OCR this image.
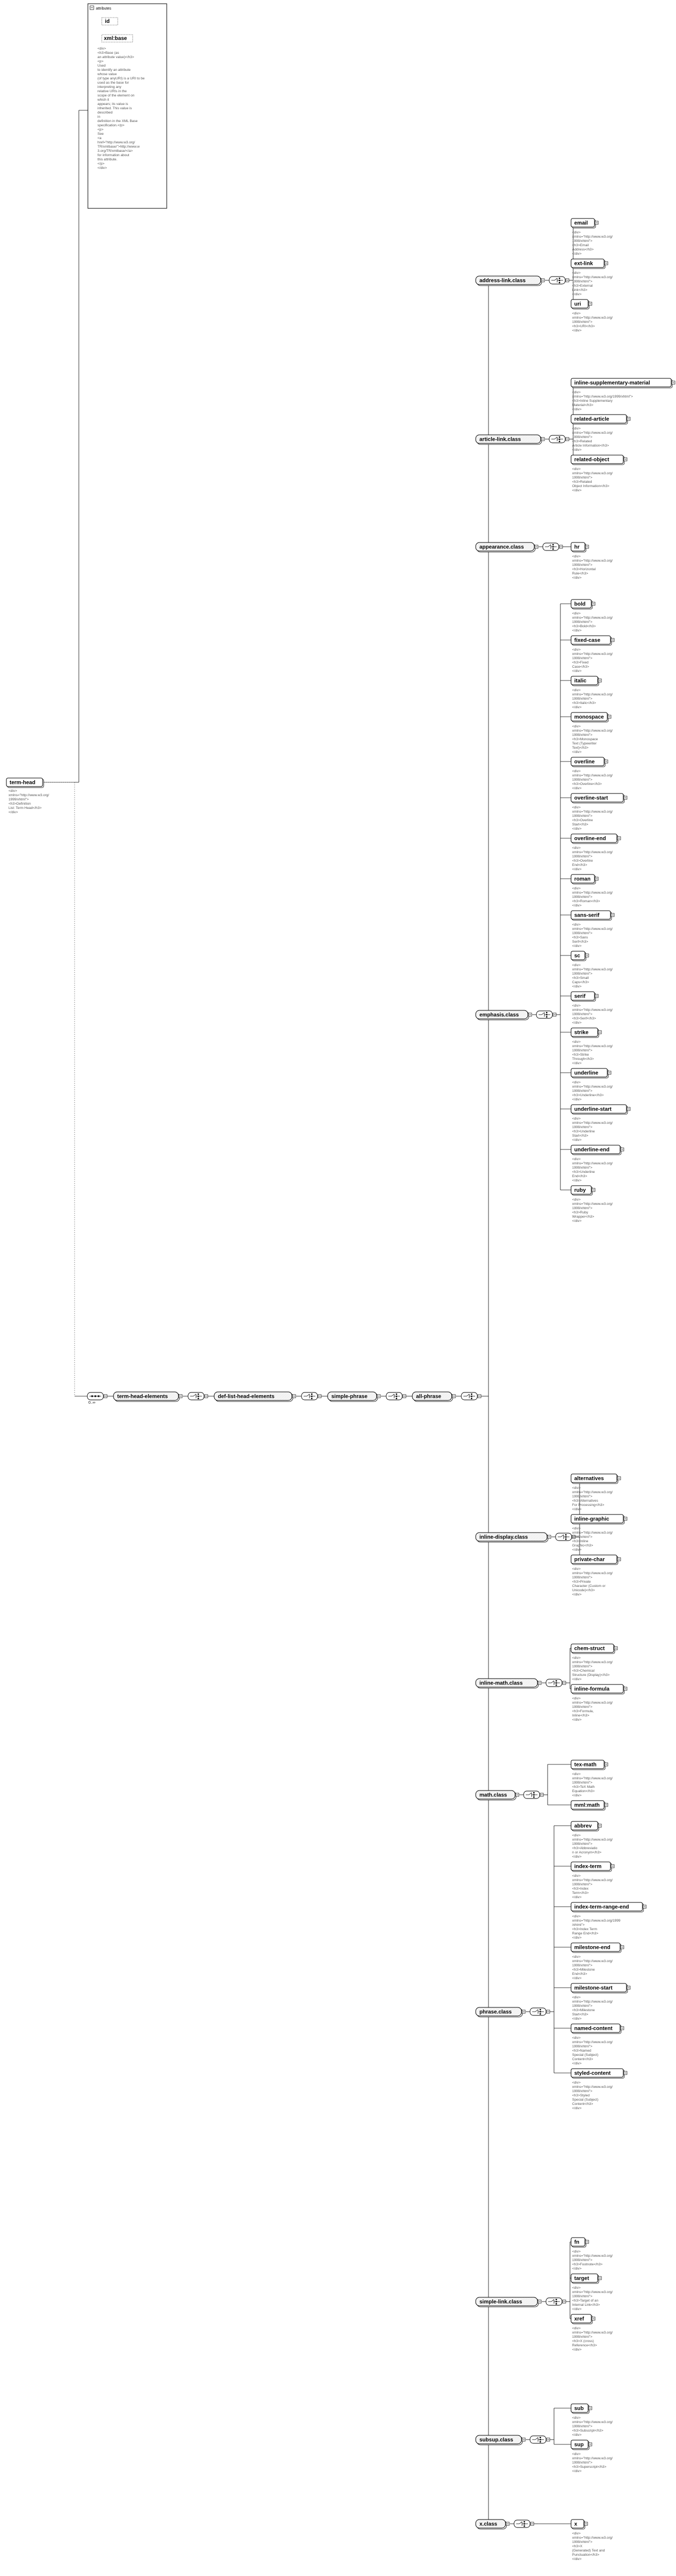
term-head
<div>
xmlns="http://www.w3.org/
1999/xhtml">
<h3>Definition
List: Term Head</h3>
</div>
attributes
id
xml:base
<div>
<h3>Base (as
an attribute value)</h3>
<p>
Used
to identify an attribute
whose value
(of type anyURI) is a URI to be
used as the base for
interpreting any
relative URIs in the
scope of the element on
which it
appears; its value is
inherited. This value is
described
in
definition in the XML Base
specification.</p>
<p>
See
<a
href="http://www.w3.org/
TR/xmlbase/">http://www.w
3.org/TR/xmlbase/</a>
for information about
this attribute.
</p>
</div>
0..∞
term-head-elements	def-list-head-elements	simple-phrase	all-phrase
address-link.class
email
<div>
xmlns="http://www.w3.org/
1999/xhtml">
<h3>Email
Address</h3>
</div>
ext-link
<div>
xmlns="http://www.w3.org/
1999/xhtml">
<h3>External
Link</h3>
</div>
uri
<div>
xmlns="http://www.w3.org/
1999/xhtml">
<h3>URI</h3>
</div>
article-link.class
inline-supplementary-material
<div>
xmlns="http://www.w3.org/1999/xhtml">
<h3>Inline Supplementary
Material</h3>
</div>
related-article
<div>
xmlns="http://www.w3.org/
1999/xhtml">
<h3>Related
Article Information</h3>
</div>
related-object
<div>
xmlns="http://www.w3.org/
1999/xhtml">
<h3>Related
Object Information</h3>
</div>
appearance.class	hr
<div>
xmlns="http://www.w3.org/
1999/xhtml">
<h3>Horizontal
Rule</h3>
</div>
emphasis.class
bold
<div>
xmlns="http://www.w3.org/
1999/xhtml">
<h3>Bold</h3>
</div>
fixed-case
<div>
xmlns="http://www.w3.org/
1999/xhtml">
<h3>Fixed
Case</h3>
</div>
italic
<div>
xmlns="http://www.w3.org/
1999/xhtml">
<h3>Italic</h3>
</div>
monospace
<div>
xmlns="http://www.w3.org/
1999/xhtml">
<h3>Monospace
Text (Typewriter
Text)</h3>
</div>
overline
<div>
xmlns="http://www.w3.org/
1999/xhtml">
<h3>Overline</h3>
</div>
overline-start
<div>
xmlns="http://www.w3.org/
1999/xhtml">
<h3>Overline
Start</h3>
</div>
overline-end
<div>
xmlns="http://www.w3.org/
1999/xhtml">
<h3>Overline
End</h3>
</div>
roman
<div>
xmlns="http://www.w3.org/
1999/xhtml">
<h3>Roman</h3>
</div>
sans-serif
<div>
xmlns="http://www.w3.org/
1999/xhtml">
<h3>Sans
Serif</h3>
</div>
sc
<div>
xmlns="http://www.w3.org/
1999/xhtml">
<h3>Small
Caps</h3>
</div>
serif
<div>
xmlns="http://www.w3.org/
1999/xhtml">
<h3>Serif</h3>
</div>
strike
<div>
xmlns="http://www.w3.org/
1999/xhtml">
<h3>Strike
Through</h3>
</div>
underline
<div>
xmlns="http://www.w3.org/
1999/xhtml">
<h3>Underline</h3>
</div>
underline-start
<div>
xmlns="http://www.w3.org/
1999/xhtml">
<h3>Underline
Start</h3>
</div>
underline-end
<div>
xmlns="http://www.w3.org/
1999/xhtml">
<h3>Underline
End</h3>
</div>
ruby
<div>
xmlns="http://www.w3.org/
1999/xhtml">
<h3>Ruby
Wrapper</h3>
</div>
inline-display.class
alternatives
<div>
xmlns="http://www.w3.org/
1999/xhtml">
<h3>Alternatives
For Processing</h3>
</div>
inline-graphic
<div>
xmlns="http://www.w3.org/
1999/xhtml">
<h3>Inline
Graphic</h3>
</div>
private-char
<div>
xmlns="http://www.w3.org/
1999/xhtml">
<h3>Private
Character (Custom or
Unicode)</h3>
</div>
inline-math.class
chem-struct
<div>
xmlns="http://www.w3.org/
1999/xhtml">
<h3>Chemical
Structure (Display)</h3>
</div>
inline-formula
<div>
xmlns="http://www.w3.org/
1999/xhtml">
<h3>Formula,
Inline</h3>
</div>
math.class
tex-math
<div>
xmlns="http://www.w3.org/
1999/xhtml">
<h3>TeX Math
Equation</h3>
</div>
mml:math
phrase.class
abbrev
<div>
xmlns="http://www.w3.org/
1999/xhtml">
<h3>Abbreviatio
n or Acronym</h3>
</div>
index-term
<div>
xmlns="http://www.w3.org/
1999/xhtml">
<h3>Index
Term</h3>
</div>
index-term-range-end
<div>
xmlns="http://www.w3.org/1999
/xhtml">
<h3>Index Term
Range End</h3>
</div>
milestone-end
<div>
xmlns="http://www.w3.org/
1999/xhtml">
<h3>Milestone
End</h3>
</div>
milestone-start
<div>
xmlns="http://www.w3.org/
1999/xhtml">
<h3>Milestone
Start</h3>
</div>
named-content
<div>
xmlns="http://www.w3.org/
1999/xhtml">
<h3>Named
Special (Subject)
Content</h3>
</div>
styled-content
<div>
xmlns="http://www.w3.org/
1999/xhtml">
<h3>Styled
Special (Subject)
Content</h3>
</div>
simple-link.class
fn
<div>
xmlns="http://www.w3.org/
1999/xhtml">
<h3>Footnote</h3>
</div>
target
<div>
xmlns="http://www.w3.org/
1999/xhtml">
<h3>Target of an
Internal Link</h3>
</div>
xref
<div>
xmlns="http://www.w3.org/
1999/xhtml">
<h3>X (cross)
Reference</h3>
</div>
subsup.class
sub
<div>
xmlns="http://www.w3.org/
1999/xhtml">
<h3>Subscript</h3>
</div>
sup
<div>
xmlns="http://www.w3.org/
1999/xhtml">
<h3>Superscript</h3>
</div>
x.class	x
<div>
xmlns="http://www.w3.org/
1999/xhtml">
<h3>X
(Generated) Text and
Punctuation</h3>
</div>
